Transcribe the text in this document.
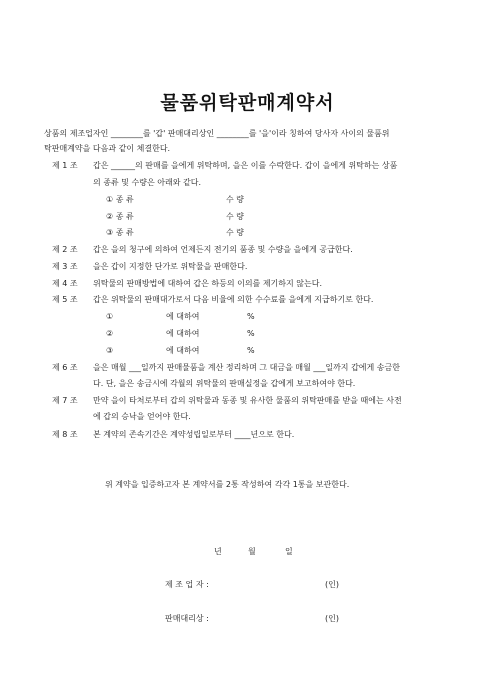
물품위탁판매계약서
상품의 제조업자인 ________를 '갑' 판매대리상인 ________를 '을'이라 칭하여 당사자 사이의 물품위
탁판매계약을 다음과 같이 체결한다.
제 1 조 갑은 ______의 판매를 을에게 위탁하며, 을은 이를 수락한다. 갑이 을에게 위탁하는 상품
의 종류 및 수량은 아래와 같다.
① 종 류	수 량
② 종 류	수 량
③ 종 류	수 량
제 2 조 갑은 을의 청구에 의하여 언제든지 전기의 품종 및 수량을 을에게 공급한다.
제 3 조 을은 갑이 지정한 단가로 위탁물을 판매한다.
제 4 조 위탁물의 판매방법에 대하여 갑은 하등의 이의를 제기하지 않는다.
제 5 조 갑은 위탁물의 판매대가로서 다음 비율에 의한 수수료를 을에게 지급하기로 한다.
①	에 대하여	%
②	에 대하여	%
③	에 대하여	%
제 6 조 을은 매월 ___일까지 판매물품을 계산 정리하며 그 대금을 매월 ___일까지 갑에게 송금한
다. 단, 을은 송금시에 각월의 위탁물의 판매실정을 갑에게 보고하여야 한다.
제 7 조 만약 을이 타처로부터 갑의 위탁물과 동종 및 유사한 물품의 위탁판매를 받을 때에는 사전
에 갑의 승낙을 얻어야 한다.
제 8 조 본 계약의 존속기간은 계약성립일로부터 ____년으로 한다.
위 계약을 입증하고자 본 계약서를 2통 작성하여 각각 1통을 보관한다.
년	월	일
제 조 업 자 :	(인)
판매대리상 :	(인)
